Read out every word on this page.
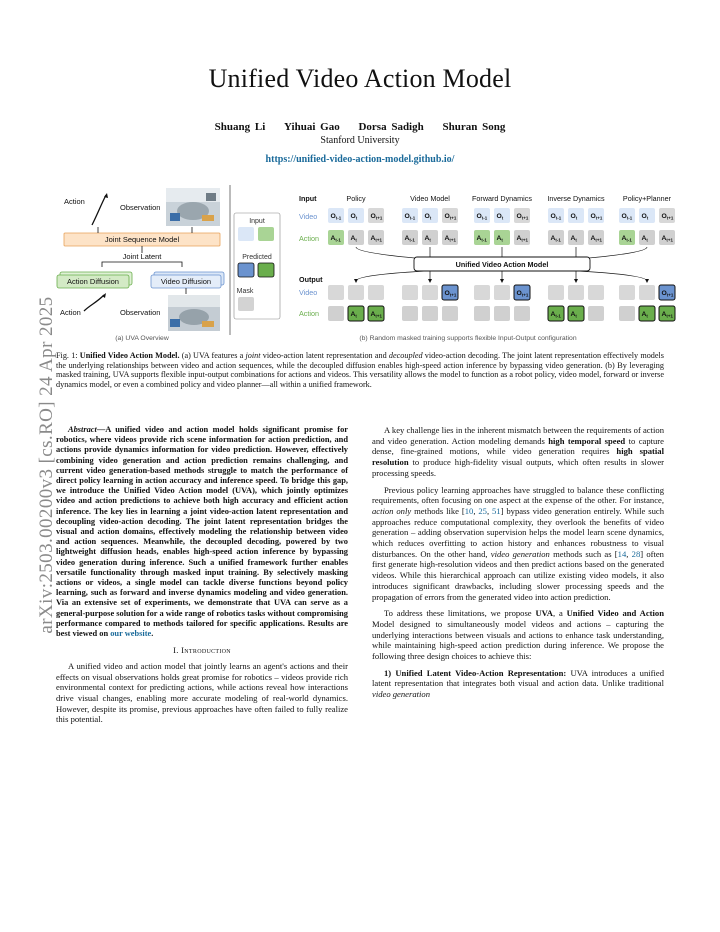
arXiv:2503.00200v3 [cs.RO] 24 Apr 2025
Unified Video Action Model
Shuang Li Yihuai Gao Dorsa Sadigh Shuran Song
Stanford University
https://unified-video-action-model.github.io/
Action
Observation
Joint Sequence Model
Joint Latent
Action Diffusion	Video Diffusion
Action	Observation
(a) UVA Overview
Input
Predicted
Mask
Input
Video
Action
Output
Video
Action
Policy
$O_{t-1}$
$A_{t-1}$
$O_t$
$A_t$
$A_t$
$O_{t+1}$
$A_{t+1}$
$A_{t+1}$
Video Model
$O_{t-1}$
$A_{t-1}$
$O_t$
$A_t$
$O_{t+1}$
$A_{t+1}$
$O_{t+1}$
Forward Dynamics
$O_{t-1}$
$A_{t-1}$
$O_t$
$A_t$
$O_{t+1}$
$A_{t+1}$
$O_{t+1}$
Inverse Dynamics
$O_{t-1}$
$A_{t-1}$
$A_{t-1}$
$O_t$
$A_t$
$A_t$
$O_{t+1}$
$A_{t+1}$
Policy+Planner
$O_{t-1}$
$A_{t-1}$
$O_t$
$A_t$
$A_t$
$O_{t+1}$
$A_{t+1}$
$O_{t+1}$
$A_{t+1}$
Unified Video Action Model
(b) Random masked training supports flexible Input-Output configuration
Fig. 1: Unified Video Action Model. (a) UVA features a joint video-action latent representation and decoupled video-action decoding. The joint latent representation effectively models the underlying relationships between video and action sequences, while the decoupled diffusion enables high-speed action inference by bypassing video generation. (b) By leveraging masked training, UVA supports flexible input-output combinations for actions and videos. This versatility allows the model to function as a robot policy, video model, forward or inverse dynamics model, or even a combined policy and video planner—all within a unified framework.

Abstract—A unified video and action model holds significant promise for robotics, where videos provide rich scene information for action prediction, and actions provide dynamics information for video prediction. However, effectively combining video generation and action prediction remains challenging, and current video generation-based methods struggle to match the performance of direct policy learning in action accuracy and inference speed. To bridge this gap, we introduce the Unified Video Action model (UVA), which jointly optimizes video and action predictions to achieve both high accuracy and efficient action inference. The key lies in learning a joint video-action latent representation and decoupling video-action decoding. The joint latent representation bridges the visual and action domains, effectively modeling the relationship between video and action sequences. Meanwhile, the decoupled decoding, powered by two lightweight diffusion heads, enables high-speed action inference by bypassing video generation during inference. Such a unified framework further enables versatile functionality through masked input training. By selectively masking actions or videos, a single model can tackle diverse functions beyond policy learning, such as forward and inverse dynamics modeling and video generation. Via an extensive set of experiments, we demonstrate that UVA can serve as a general-purpose solution for a wide range of robotics tasks without compromising performance compared to methods tailored for specific applications. Results are best viewed on our website.

I. Introduction

A unified video and action model that jointly learns an agent's actions and their effects on visual observations holds great promise for robotics – videos provide rich environmental context for predicting actions, while actions reveal how interactions drive visual changes, enabling more accurate modeling of real-world dynamics. However, despite its promise, previous approaches have often failed to fully realize this potential.

A key challenge lies in the inherent mismatch between the requirements of action and video generation. Action modeling demands high temporal speed to capture dense, fine-grained motions, while video generation requires high spatial resolution to produce high-fidelity visual outputs, which often results in slower processing speeds.

Previous policy learning approaches have struggled to balance these conflicting requirements, often focusing on one aspect at the expense of the other. For instance, action only methods like [10, 25, 51] bypass video generation entirely. While such approaches reduce computational complexity, they overlook the benefits of video generation – adding observation supervision helps the model learn scene dynamics, which reduces overfitting to action history and enhances robustness to visual disturbances. On the other hand, video generation methods such as [14, 28] often first generate high-resolution videos and then predict actions based on the generated videos. While this hierarchical approach can utilize existing video models, it also introduces significant drawbacks, including slower processing speeds and the propagation of errors from the generated video into action prediction.

To address these limitations, we propose UVA, a Unified Video and Action Model designed to simultaneously model videos and actions – capturing the underlying interactions between visuals and actions to enhance task understanding, while maintaining high-speed action prediction during inference. We propose the following three design choices to achieve this:

1) Unified Latent Video-Action Representation: UVA introduces a unified latent representation that integrates both visual and action data. Unlike traditional video generation
